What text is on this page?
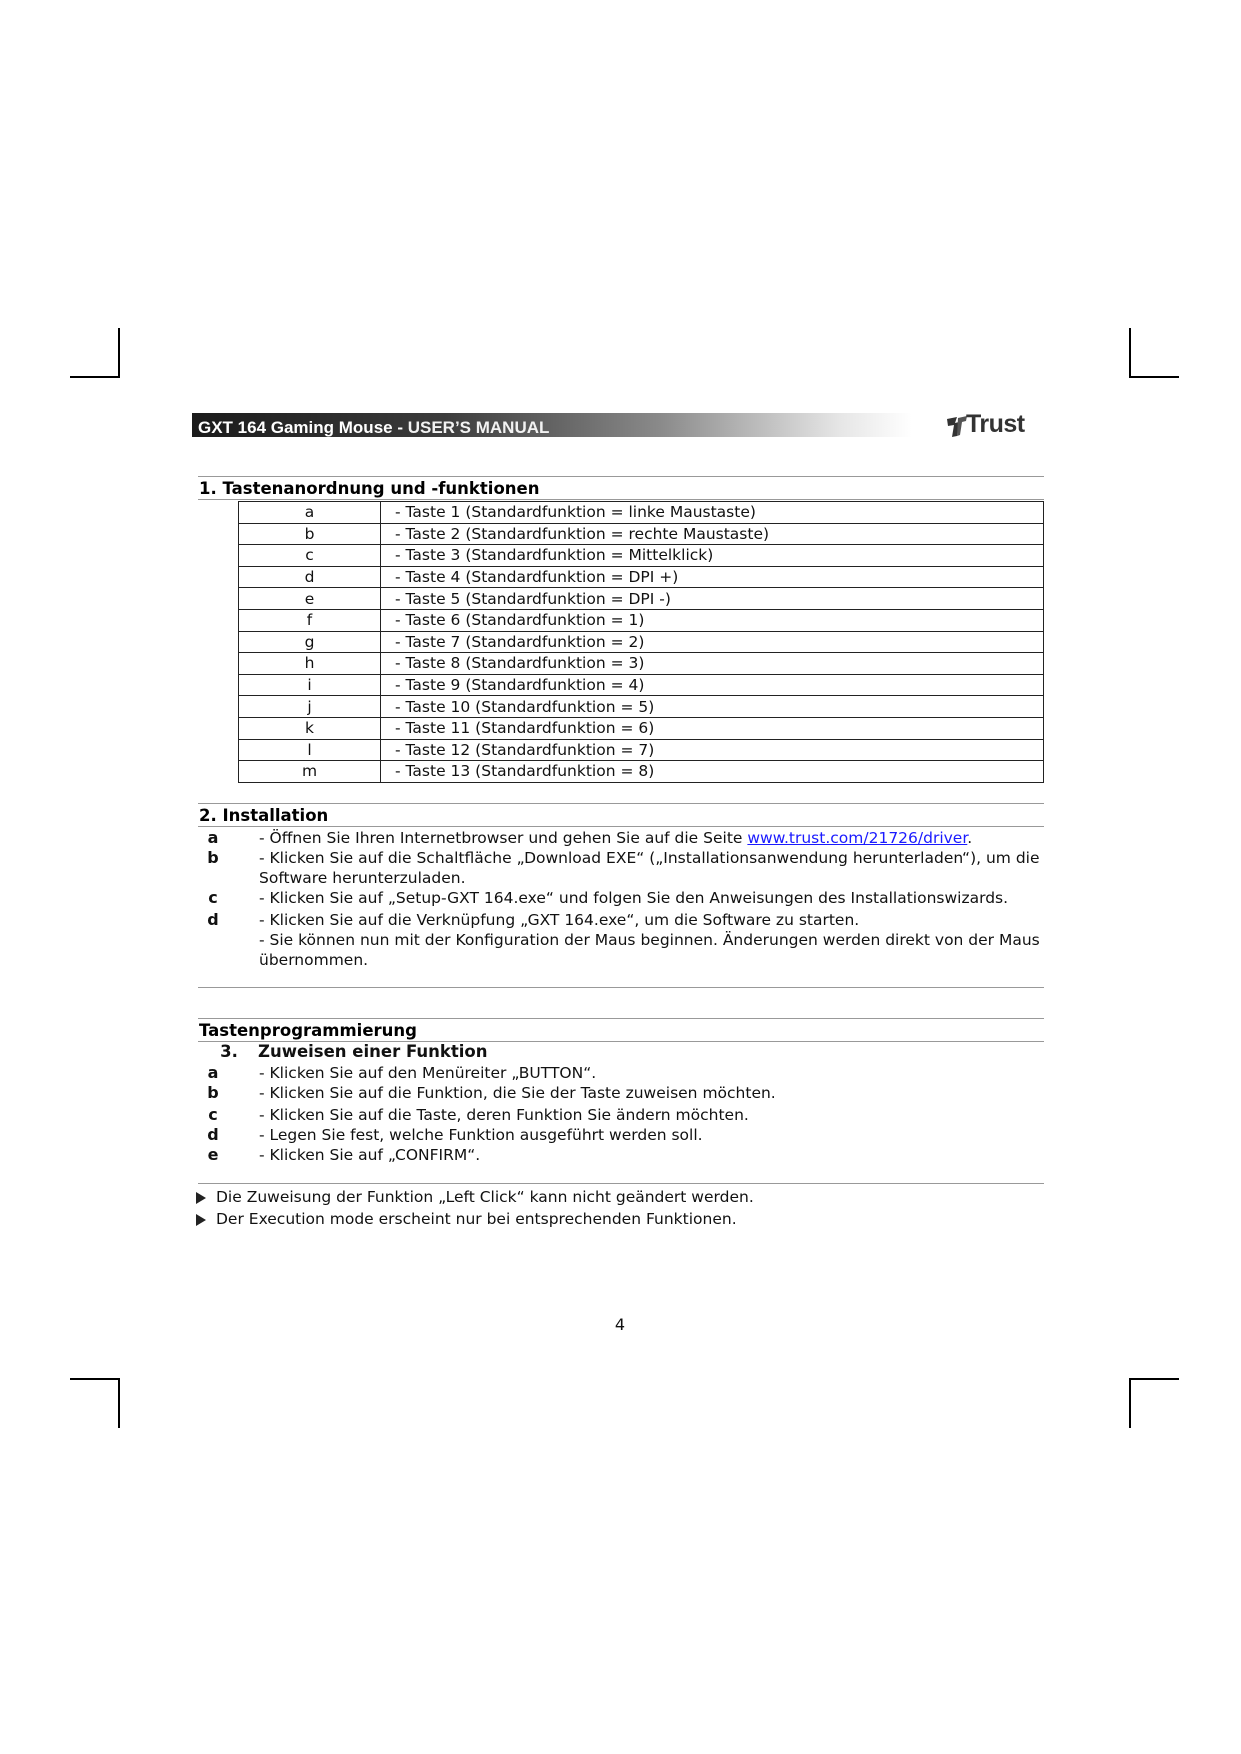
GXT 164 Gaming Mouse - USER’S MANUAL	Trust
1. Tastenanordnung und -funktionen
a	- Taste 1 (Standardfunktion = linke Maustaste)
b	- Taste 2 (Standardfunktion = rechte Maustaste)
c	- Taste 3 (Standardfunktion = Mittelklick)
d	- Taste 4 (Standardfunktion = DPI +)
e	- Taste 5 (Standardfunktion = DPI -)
f	- Taste 6 (Standardfunktion = 1)
g	- Taste 7 (Standardfunktion = 2)
h	- Taste 8 (Standardfunktion = 3)
i	- Taste 9 (Standardfunktion = 4)
j	- Taste 10 (Standardfunktion = 5)
k	- Taste 11 (Standardfunktion = 6)
l	- Taste 12 (Standardfunktion = 7)
m	- Taste 13 (Standardfunktion = 8)
2. Installation
a	- Öffnen Sie Ihren Internetbrowser und gehen Sie auf die Seite www.trust.com/21726/driver.
b	- Klicken Sie auf die Schaltfläche „Download EXE“ („Installationsanwendung herunterladen“), um die Software herunterzuladen.
c	- Klicken Sie auf „Setup-GXT 164.exe“ und folgen Sie den Anweisungen des Installationswizards.
d	- Klicken Sie auf die Verknüpfung „GXT 164.exe“, um die Software zu starten.
- Sie können nun mit der Konfiguration der Maus beginnen. Änderungen werden direkt von der Maus übernommen.
Tastenprogrammierung
3. Zuweisen einer Funktion
a	- Klicken Sie auf den Menüreiter „BUTTON“.
b	- Klicken Sie auf die Funktion, die Sie der Taste zuweisen möchten.
c	- Klicken Sie auf die Taste, deren Funktion Sie ändern möchten.
d	- Legen Sie fest, welche Funktion ausgeführt werden soll.
e	- Klicken Sie auf „CONFIRM“.
Die Zuweisung der Funktion „Left Click“ kann nicht geändert werden.
Der Execution mode erscheint nur bei entsprechenden Funktionen.
4
